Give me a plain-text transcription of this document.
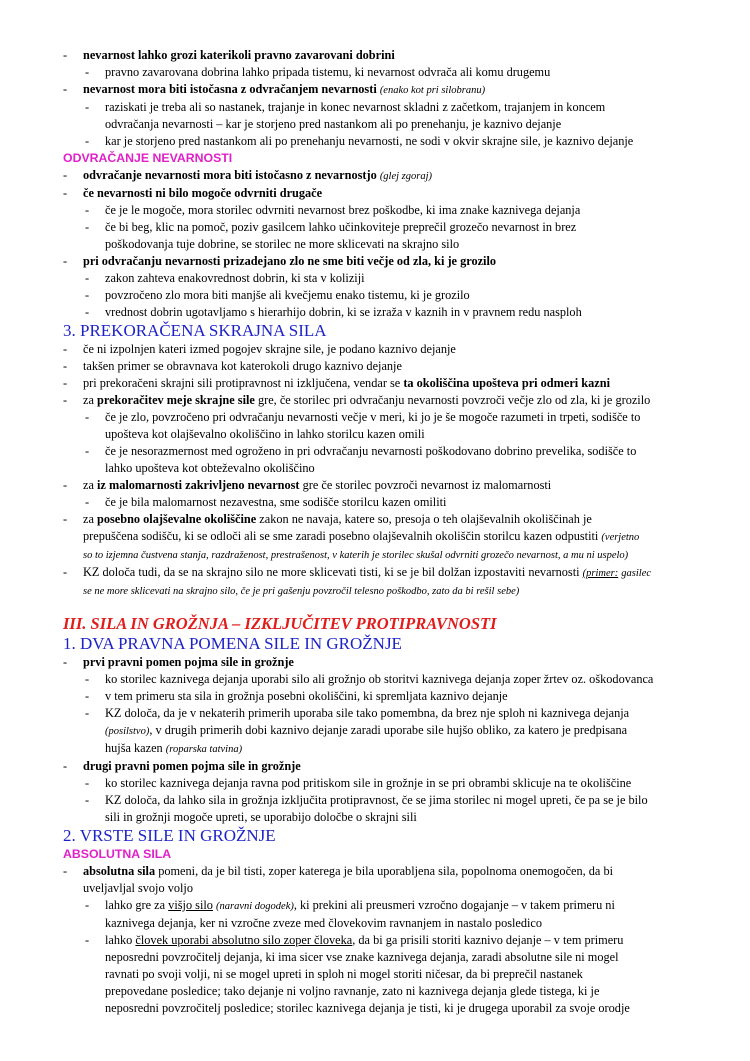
- nevarnost lahko grozi katerikoli pravno zavarovani dobrini
- pravno zavarovana dobrina lahko pripada tistemu, ki nevarnost odvrača ali komu drugemu
- nevarnost mora biti istočasna z odvračanjem nevarnosti (enako kot pri silobranu)
- raziskati je treba ali so nastanek, trajanje in konec nevarnost skladni z začetkom, trajanjem in koncem
odvračanja nevarnosti – kar je storjeno pred nastankom ali po prenehanju, je kaznivo dejanje
- kar je storjeno pred nastankom ali po prenehanju nevarnosti, ne sodi v okvir skrajne sile, je kaznivo dejanje
ODVRAČANJE NEVARNOSTI
- odvračanje nevarnosti mora biti istočasno z nevarnostjo (glej zgoraj)
- če nevarnosti ni bilo mogoče odvrniti drugače
- če je le mogoče, mora storilec odvrniti nevarnost brez poškodbe, ki ima znake kaznivega dejanja
- če bi beg, klic na pomoč, poziv gasilcem lahko učinkoviteje preprečil grozečo nevarnost in brez
poškodovanja tuje dobrine, se storilec ne more sklicevati na skrajno silo
- pri odvračanju nevarnosti prizadejano zlo ne sme biti večje od zla, ki je grozilo
- zakon zahteva enakovrednost dobrin, ki sta v koliziji
- povzročeno zlo mora biti manjše ali kvečjemu enako tistemu, ki je grozilo
- vrednost dobrin ugotavljamo s hierarhijo dobrin, ki se izraža v kaznih in v pravnem redu nasploh
3. PREKORAČENA SKRAJNA SILA
- če ni izpolnjen kateri izmed pogojev skrajne sile, je podano kaznivo dejanje
- takšen primer se obravnava kot katerokoli drugo kaznivo dejanje
- pri prekoračeni skrajni sili protipravnost ni izključena, vendar se ta okoliščina upošteva pri odmeri kazni
- za prekoračitev meje skrajne sile gre, če storilec pri odvračanju nevarnosti povzroči večje zlo od zla, ki je grozilo
- če je zlo, povzročeno pri odvračanju nevarnosti večje v meri, ki jo je še mogoče razumeti in trpeti, sodišče to
upošteva kot olajševalno okoliščino in lahko storilcu kazen omili
- če je nesorazmernost med ogroženo in pri odvračanju nevarnosti poškodovano dobrino prevelika, sodišče to
lahko upošteva kot obteževalno okoliščino
- za iz malomarnosti zakrivljeno nevarnost gre če storilec povzroči nevarnost iz malomarnosti
- če je bila malomarnost nezavestna, sme sodišče storilcu kazen omiliti
- za posebno olajševalne okoliščine zakon ne navaja, katere so, presoja o teh olajševalnih okoliščinah je
prepuščena sodišču, ki se odloči ali se sme zaradi posebno olajševalnih okoliščin storilcu kazen odpustiti (verjetno
so to izjemna čustvena stanja, razdraženost, prestrašenost, v katerih je storilec skušal odvrniti grozečo nevarnost, a mu ni uspelo)
- KZ določa tudi, da se na skrajno silo ne more sklicevati tisti, ki se je bil dolžan izpostaviti nevarnosti (primer: gasilec
se ne more sklicevati na skrajno silo, če je pri gašenju povzročil telesno poškodbo, zato da bi rešil sebe)
III. SILA IN GROŽNJA – IZKLJUČITEV PROTIPRAVNOSTI
1. DVA PRAVNA POMENA SILE IN GROŽNJE
- prvi pravni pomen pojma sile in grožnje
- ko storilec kaznivega dejanja uporabi silo ali grožnjo ob storitvi kaznivega dejanja zoper žrtev oz. oškodovanca
- v tem primeru sta sila in grožnja posebni okoliščini, ki spremljata kaznivo dejanje
- KZ določa, da je v nekaterih primerih uporaba sile tako pomembna, da brez nje sploh ni kaznivega dejanja
(posilstvo), v drugih primerih dobi kaznivo dejanje zaradi uporabe sile hujšo obliko, za katero je predpisana
hujša kazen (roparska tatvina)
- drugi pravni pomen pojma sile in grožnje
- ko storilec kaznivega dejanja ravna pod pritiskom sile in grožnje in se pri obrambi sklicuje na te okoliščine
- KZ določa, da lahko sila in grožnja izključita protipravnost, če se jima storilec ni mogel upreti, če pa se je bilo
sili in grožnji mogoče upreti, se uporabijo določbe o skrajni sili
2. VRSTE SILE IN GROŽNJE
ABSOLUTNA SILA
- absolutna sila pomeni, da je bil tisti, zoper katerega je bila uporabljena sila, popolnoma onemogočen, da bi
uveljavljal svojo voljo
- lahko gre za višjo silo (naravni dogodek), ki prekini ali preusmeri vzročno dogajanje – v takem primeru ni
kaznivega dejanja, ker ni vzročne zveze med človekovim ravnanjem in nastalo posledico
- lahko človek uporabi absolutno silo zoper človeka, da bi ga prisili storiti kaznivo dejanje – v tem primeru
neposredni povzročitelj dejanja, ki ima sicer vse znake kaznivega dejanja, zaradi absolutne sile ni mogel
ravnati po svoji volji, ni se mogel upreti in sploh ni mogel storiti ničesar, da bi preprečil nastanek
prepovedane posledice; tako dejanje ni voljno ravnanje, zato ni kaznivega dejanja glede tistega, ki je
neposredni povzročitelj posledice; storilec kaznivega dejanja je tisti, ki je drugega uporabil za svoje orodje
